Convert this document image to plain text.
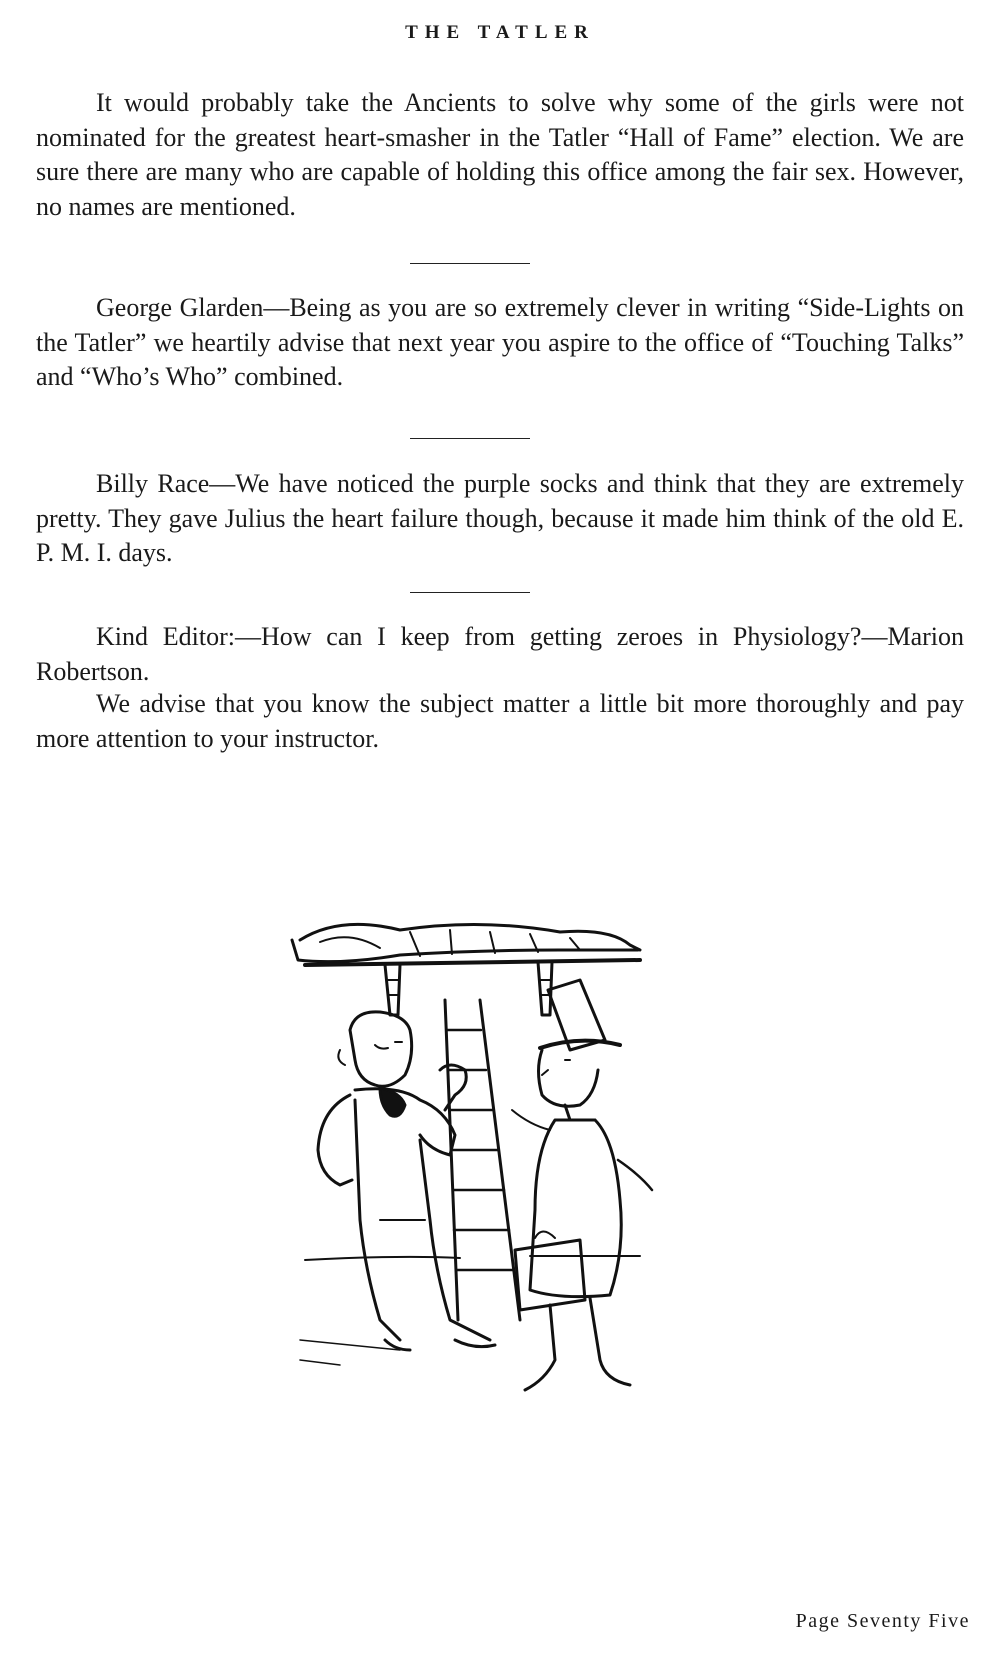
THE TATLER

It would probably take the Ancients to solve why some of the girls were not nominated for the greatest heart-smasher in the Tatler “Hall of Fame” election. We are sure there are many who are capable of holding this office among the fair sex. However, no names are mentioned.

George Glarden—Being as you are so extremely clever in writing “Side-Lights on the Tatler” we heartily advise that next year you aspire to the office of “Touching Talks” and “Who’s Who” combined.

Billy Race—We have noticed the purple socks and think that they are extremely pretty. They gave Julius the heart failure though, because it made him think of the old E. P. M. I. days.

Kind Editor:—How can I keep from getting zeroes in Physiology?—Marion Robertson.

We advise that you know the subject matter a little bit more thoroughly and pay more attention to your instructor.

Page Seventy Five
